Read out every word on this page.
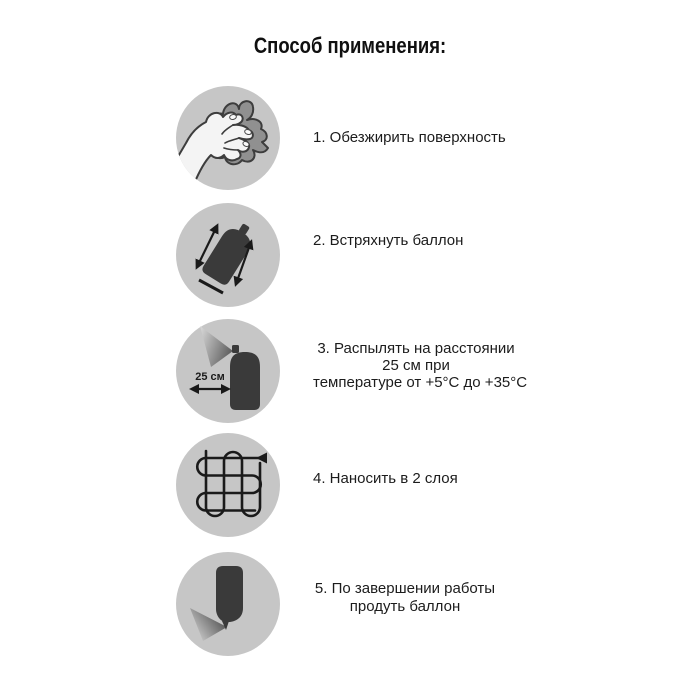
Способ применения:
1. Обезжирить поверхность
2. Встряхнуть баллон
25 см
3. Распылять на расстоянии
25 см при
температуре от +5°С до +35°С
4. Наносить в 2 слоя
5. По завершении работы
продуть баллон
